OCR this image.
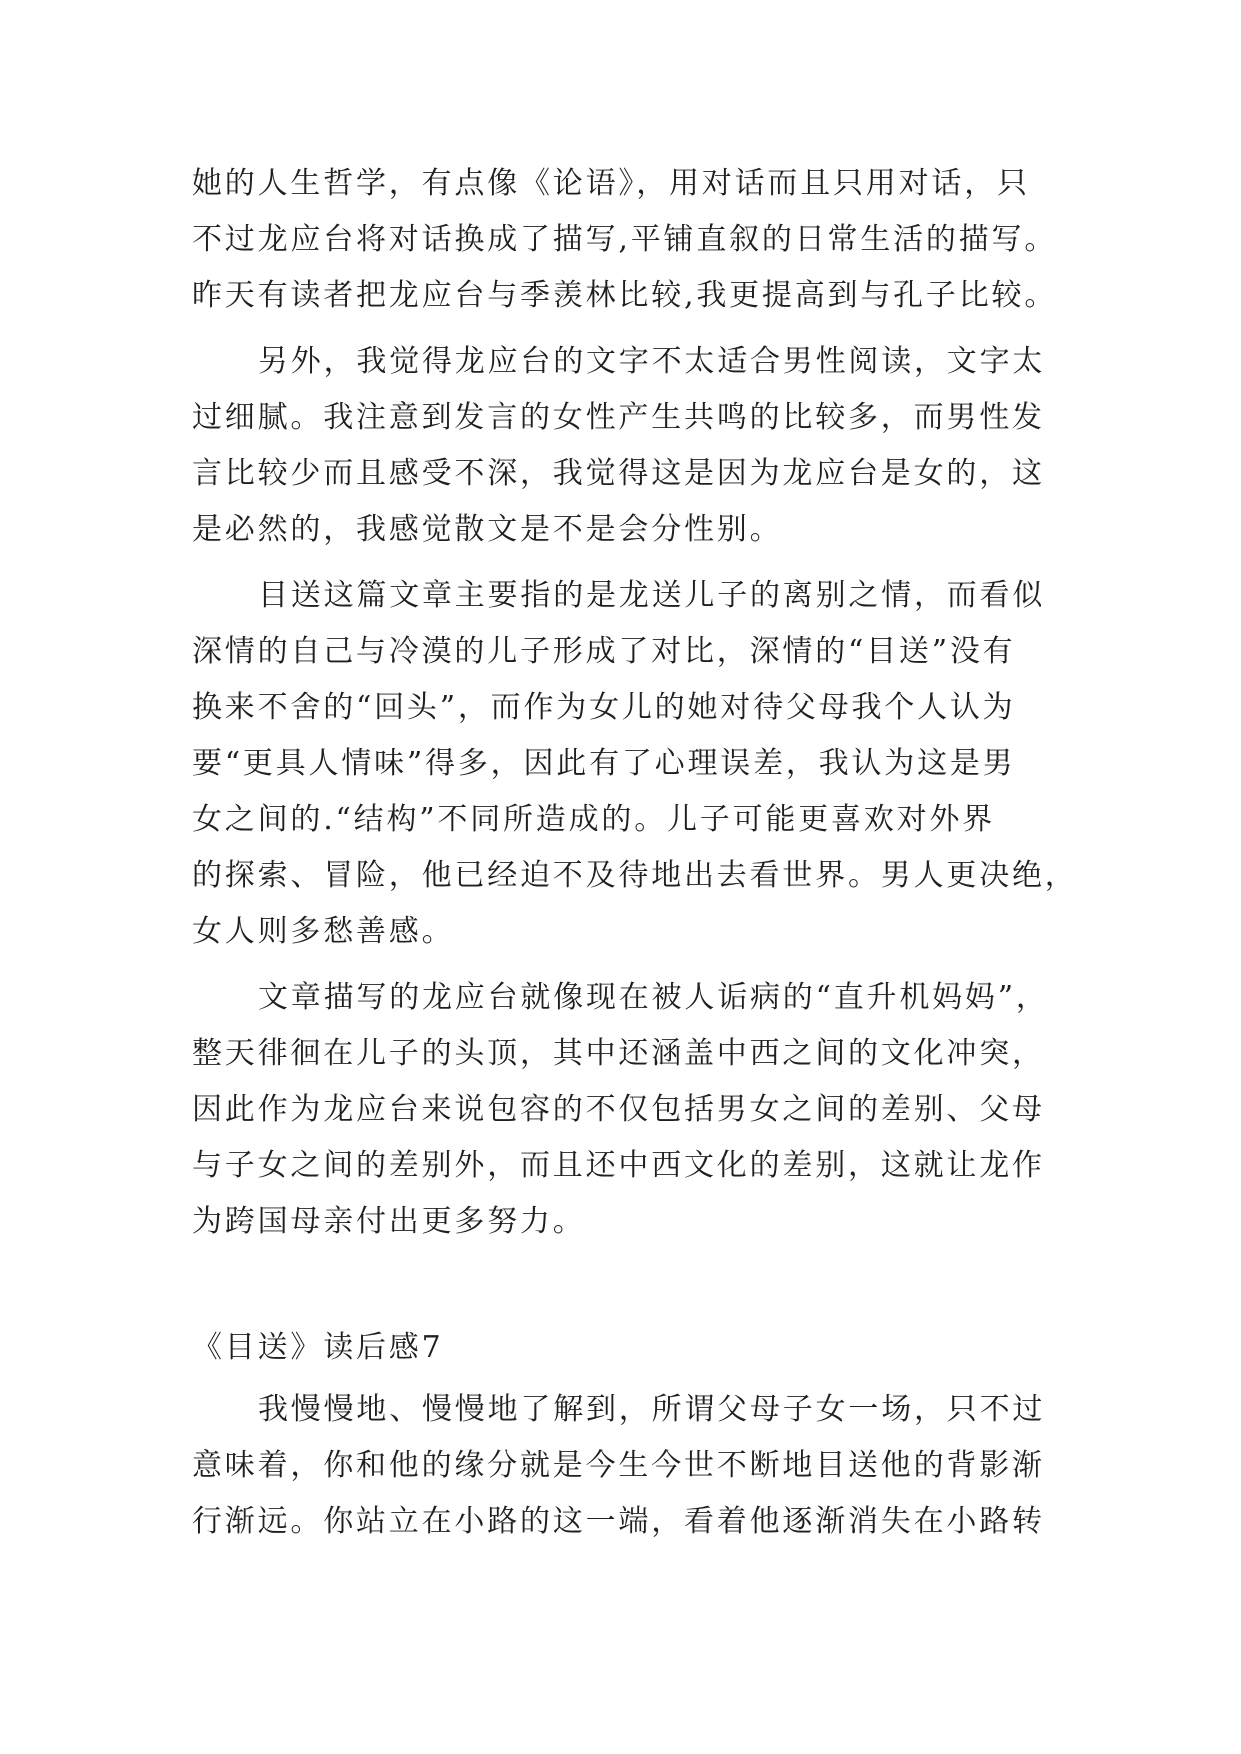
她的人生哲学，有点像《论语》，用对话而且只用对话，只
不过龙应台将对话换成了描写,平铺直叙的日常生活的描写。
昨天有读者把龙应台与季羡林比较,我更提高到与孔子比较。
另外，我觉得龙应台的文字不太适合男性阅读，文字太
过细腻。我注意到发言的女性产生共鸣的比较多，而男性发
言比较少而且感受不深，我觉得这是因为龙应台是女的，这
是必然的，我感觉散文是不是会分性别。
目送这篇文章主要指的是龙送儿子的离别之情，而看似
深情的自己与冷漠的儿子形成了对比，深情的“目送”没有
换来不舍的“回头”，而作为女儿的她对待父母我个人认为
要“更具人情味”得多，因此有了心理误差，我认为这是男
女之间的.“结构”不同所造成的。儿子可能更喜欢对外界
的探索、冒险，他已经迫不及待地出去看世界。男人更决绝，
女人则多愁善感。
文章描写的龙应台就像现在被人诟病的“直升机妈妈”，
整天徘徊在儿子的头顶，其中还涵盖中西之间的文化冲突，
因此作为龙应台来说包容的不仅包括男女之间的差别、父母
与子女之间的差别外，而且还中西文化的差别，这就让龙作
为跨国母亲付出更多努力。
《目送》读后感7
我慢慢地、慢慢地了解到，所谓父母子女一场，只不过
意味着，你和他的缘分就是今生今世不断地目送他的背影渐
行渐远。你站立在小路的这一端，看着他逐渐消失在小路转
